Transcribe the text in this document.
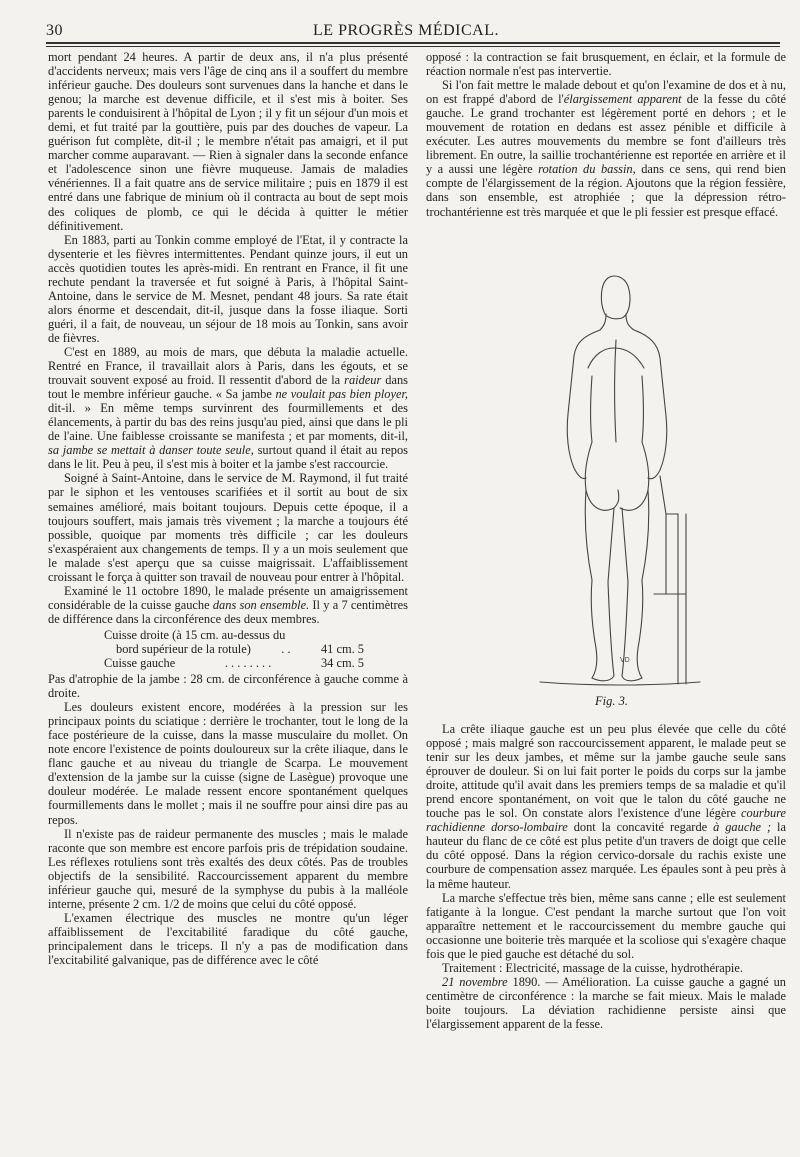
30	LE PROGRÈS MÉDICAL.

mort pendant 24 heures. A partir de deux ans, il n'a plus présenté d'accidents nerveux; mais vers l'âge de cinq ans il a souffert du membre inférieur gauche. Des douleurs sont survenues dans la hanche et dans le genou; la marche est devenue difficile, et il s'est mis à boiter. Ses parents le conduisirent à l'hôpital de Lyon ; il y fit un séjour d'un mois et demi, et fut traité par la gouttière, puis par des douches de vapeur. La guérison fut complète, dit-il ; le membre n'était pas amaigri, et il put marcher comme auparavant. — Rien à signaler dans la seconde enfance et l'adolescence sinon une fièvre muqueuse. Jamais de maladies vénériennes. Il a fait quatre ans de service militaire ; puis en 1879 il est entré dans une fabrique de minium où il contracta au bout de sept mois des coliques de plomb, ce qui le décida à quitter le métier définitivement.

En 1883, parti au Tonkin comme employé de l'Etat, il y contracte la dysenterie et les fièvres intermittentes. Pendant quinze jours, il eut un accès quotidien toutes les après-midi. En rentrant en France, il fit une rechute pendant la traversée et fut soigné à Paris, à l'hôpital Saint-Antoine, dans le service de M. Mesnet, pendant 48 jours. Sa rate était alors énorme et descendait, dit-il, jusque dans la fosse iliaque. Sorti guéri, il a fait, de nouveau, un séjour de 18 mois au Tonkin, sans avoir de fièvres.

C'est en 1889, au mois de mars, que débuta la maladie actuelle. Rentré en France, il travaillait alors à Paris, dans les égouts, et se trouvait souvent exposé au froid. Il ressentit d'abord de la raideur dans tout le membre inférieur gauche. « Sa jambe ne voulait pas bien ployer, dit-il. » En même temps survinrent des fourmillements et des élancements, à partir du bas des reins jusqu'au pied, ainsi que dans le pli de l'aine. Une faiblesse croissante se manifesta ; et par moments, dit-il, sa jambe se mettait à danser toute seule, surtout quand il était au repos dans le lit. Peu à peu, il s'est mis à boiter et la jambe s'est raccourcie.

Soigné à Saint-Antoine, dans le service de M. Raymond, il fut traité par le siphon et les ventouses scarifiées et il sortit au bout de six semaines amélioré, mais boitant toujours. Depuis cette époque, il a toujours souffert, mais jamais très vivement ; la marche a toujours été possible, quoique par moments très difficile ; car les douleurs s'exaspéraient aux changements de temps. Il y a un mois seulement que le malade s'est aperçu que sa cuisse maigrissait. L'affaiblissement croissant le força à quitter son travail de nouveau pour entrer à l'hôpital.

Examiné le 11 octobre 1890, le malade présente un amaigrissement considérable de la cuisse gauche dans son ensemble. Il y a 7 centimètres de différence dans la circonférence des deux membres.

Cuisse droite (à 15 cm. au-dessus du
bord supérieur de la rotule) . . 41 cm. 5
Cuisse gauche	. . . . . . . .	34 cm. 5

Pas d'atrophie de la jambe : 28 cm. de circonférence à gauche comme à droite.

Les douleurs existent encore, modérées à la pression sur les principaux points du sciatique : derrière le trochanter, tout le long de la face postérieure de la cuisse, dans la masse musculaire du mollet. On note encore l'existence de points douloureux sur la crête iliaque, dans le flanc gauche et au niveau du triangle de Scarpa. Le mouvement d'extension de la jambe sur la cuisse (signe de Lasègue) provoque une douleur modérée. Le malade ressent encore spontanément quelques fourmillements dans le mollet ; mais il ne souffre pour ainsi dire pas au repos.

Il n'existe pas de raideur permanente des muscles ; mais le malade raconte que son membre est encore parfois pris de trépidation soudaine. Les réflexes rotuliens sont très exaltés des deux côtés. Pas de troubles objectifs de la sensibilité. Raccourcissement apparent du membre inférieur gauche qui, mesuré de la symphyse du pubis à la malléole interne, présente 2 cm. 1/2 de moins que celui du côté opposé.

L'examen électrique des muscles ne montre qu'un léger affaiblissement de l'excitabilité faradique du côté gauche, principalement dans le triceps. Il n'y a pas de modification dans l'excitabilité galvanique, pas de différence avec le côté

opposé : la contraction se fait brusquement, en éclair, et la formule de réaction normale n'est pas intervertie.

Si l'on fait mettre le malade debout et qu'on l'examine de dos et à nu, on est frappé d'abord de l'élargissement apparent de la fesse du côté gauche. Le grand trochanter est légèrement porté en dehors ; et le mouvement de rotation en dedans est assez pénible et difficile à exécuter. Les autres mouvements du membre se font d'ailleurs très librement. En outre, la saillie trochantérienne est reportée en arrière et il y a aussi une légère rotation du bassin, dans ce sens, qui rend bien compte de l'élargissement de la région. Ajoutons que la région fessière, dans son ensemble, est atrophiée ; que la dépression rétro-trochantérienne est très marquée et que le pli fessier est presque effacé.

VD
Fig. 3.

La crête iliaque gauche est un peu plus élevée que celle du côté opposé ; mais malgré son raccourcissement apparent, le malade peut se tenir sur les deux jambes, et même sur la jambe gauche seule sans éprouver de douleur. Si on lui fait porter le poids du corps sur la jambe droite, attitude qu'il avait dans les premiers temps de sa maladie et qu'il prend encore spontanément, on voit que le talon du côté gauche ne touche pas le sol. On constate alors l'existence d'une légère courbure rachidienne dorso-lombaire dont la concavité regarde à gauche ; la hauteur du flanc de ce côté est plus petite d'un travers de doigt que celle du côté opposé. Dans la région cervico-dorsale du rachis existe une courbure de compensation assez marquée. Les épaules sont à peu près à la même hauteur.

La marche s'effectue très bien, même sans canne ; elle est seulement fatigante à la longue. C'est pendant la marche surtout que l'on voit apparaître nettement et le raccourcissement du membre gauche qui occasionne une boiterie très marquée et la scoliose qui s'exagère chaque fois que le pied gauche est détaché du sol.

Traitement : Electricité, massage de la cuisse, hydrothérapie.

21 novembre 1890. — Amélioration. La cuisse gauche a gagné un centimètre de circonférence : la marche se fait mieux. Mais le malade boite toujours. La déviation rachidienne persiste ainsi que l'élargissement apparent de la fesse.
